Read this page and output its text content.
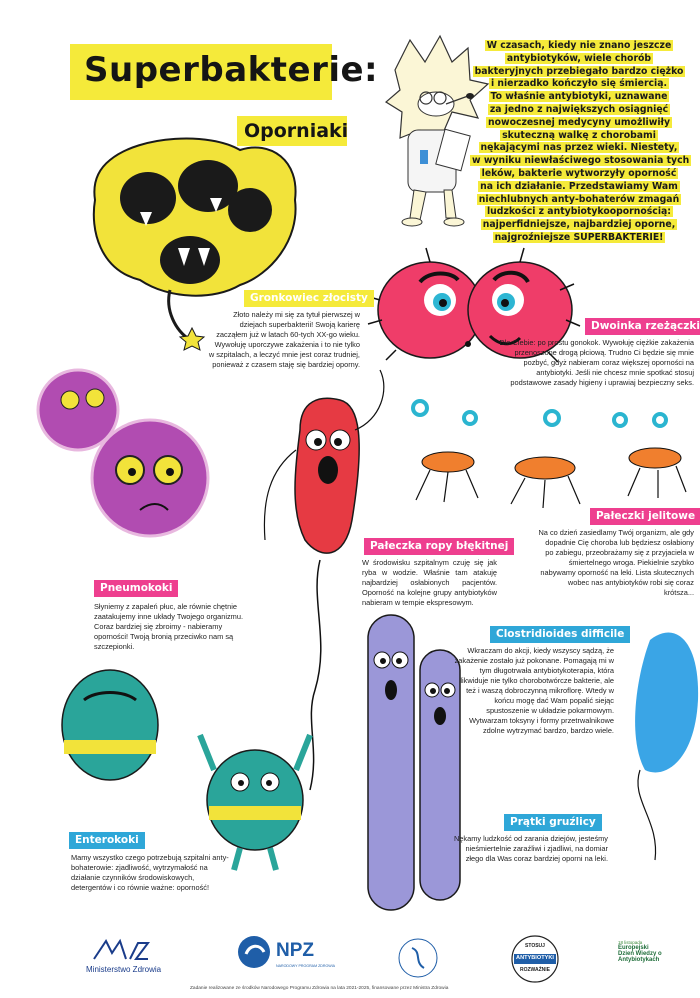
Superbakterie:
Oporniaki
W czasach, kiedy nie znano jeszcze
antybiotyków, wiele chorób
bakteryjnych przebiegało bardzo ciężko
i nierzadko kończyło się śmiercią.
To właśnie antybiotyki, uznawane
za jedno z największych osiągnięć
nowoczesnej medycyny umożliwiły
skuteczną walkę z chorobami
nękającymi nas przez wieki. Niestety,
w wyniku niewłaściwego stosowania tych
leków, bakterie wytworzyły oporność
na ich działanie. Przedstawiamy Wam
niechlubnych anty-bohaterów zmagań
ludzkości z antybiotykoopornością:
najperfidniejsze, najbardziej oporne,
najgroźniejsze SUPERBAKTERIE!
Gronkowiec złocisty
Złoto należy mi się za tytuł pierwszej w dziejach superbakterii! Swoją karierę zacząłem już w latach 60-tych XX-go wieku. Wywołuję uporczywe zakażenia i to nie tylko w szpitalach, a leczyć mnie jest coraz trudniej, ponieważ z czasem staję się bardziej oporny.
Dwoinka rzeżączki
Dla Ciebie: po prostu gonokok. Wywołuję ciężkie zakażenia przenoszone drogą płciową. Trudno Ci będzie się mnie pozbyć, gdyż nabieram coraz większej oporności na antybiotyki. Jeśli nie chcesz mnie spotkać stosuj podstawowe zasady higieny i uprawiaj bezpieczny seks.
Pałeczka ropy błękitnej
W środowisku szpitalnym czuję się jak ryba w wodzie. Właśnie tam atakuję najbardziej osłabionych pacjentów. Oporność na kolejne grupy antybiotyków nabieram w tempie ekspresowym.
Pałeczki jelitowe
Na co dzień zasiedlamy Twój organizm, ale gdy dopadnie Cię choroba lub będziesz osłabiony po zabiegu, przeobrażamy się z przyjaciela w śmiertelnego wroga. Piekielnie szybko nabywamy oporność na leki. Lista skutecznych wobec nas antybiotyków robi się coraz krótsza...
Pneumokoki
Słyniemy z zapaleń płuc, ale równie chętnie zaatakujemy inne układy Twojego organizmu. Coraz bardziej się zbroimy - nabieramy oporności! Twoją bronią przeciwko nam są szczepionki.
Clostridioides difficile
Wkraczam do akcji, kiedy wszyscy sądzą, że zakażenie zostało już pokonane. Pomagają mi w tym długotrwała antybiotykoterapia, która likwiduje nie tylko chorobotwórcze bakterie, ale też i waszą dobroczynną mikroflorę. Wtedy w końcu mogę dać Wam popalić siejąc spustoszenie w układzie pokarmowym. Wytwarzam toksyny i formy przetrwalnikowe zdolne wytrzymać bardzo, bardzo wiele.
Enterokoki
Mamy wszystko czego potrzebują szpitalni anty-bohaterowie: zjadliwość, wytrzymałość na działanie czynników środowiskowych, detergentów i co równie ważne: oporność!
Prątki gruźlicy
Nękamy ludzkość od zarania dziejów, jesteśmy nieśmiertelnie zaraźliwi i zjadliwi, na domiar złego dla Was coraz bardziej oporni na leki.
Ministerstwo Zdrowia
NPZ
NARODOWY PROGRAM ZDROWIA
STOSUJ
ANTYBIOTYKI
ROZWAŻNIE
18 listopada
Europejski
Dzień Wiedzy o
Antybiotykach
Zadanie realizowane ze środków Narodowego Programu Zdrowia na lata 2021-2025, finansowane przez Ministra Zdrowia
